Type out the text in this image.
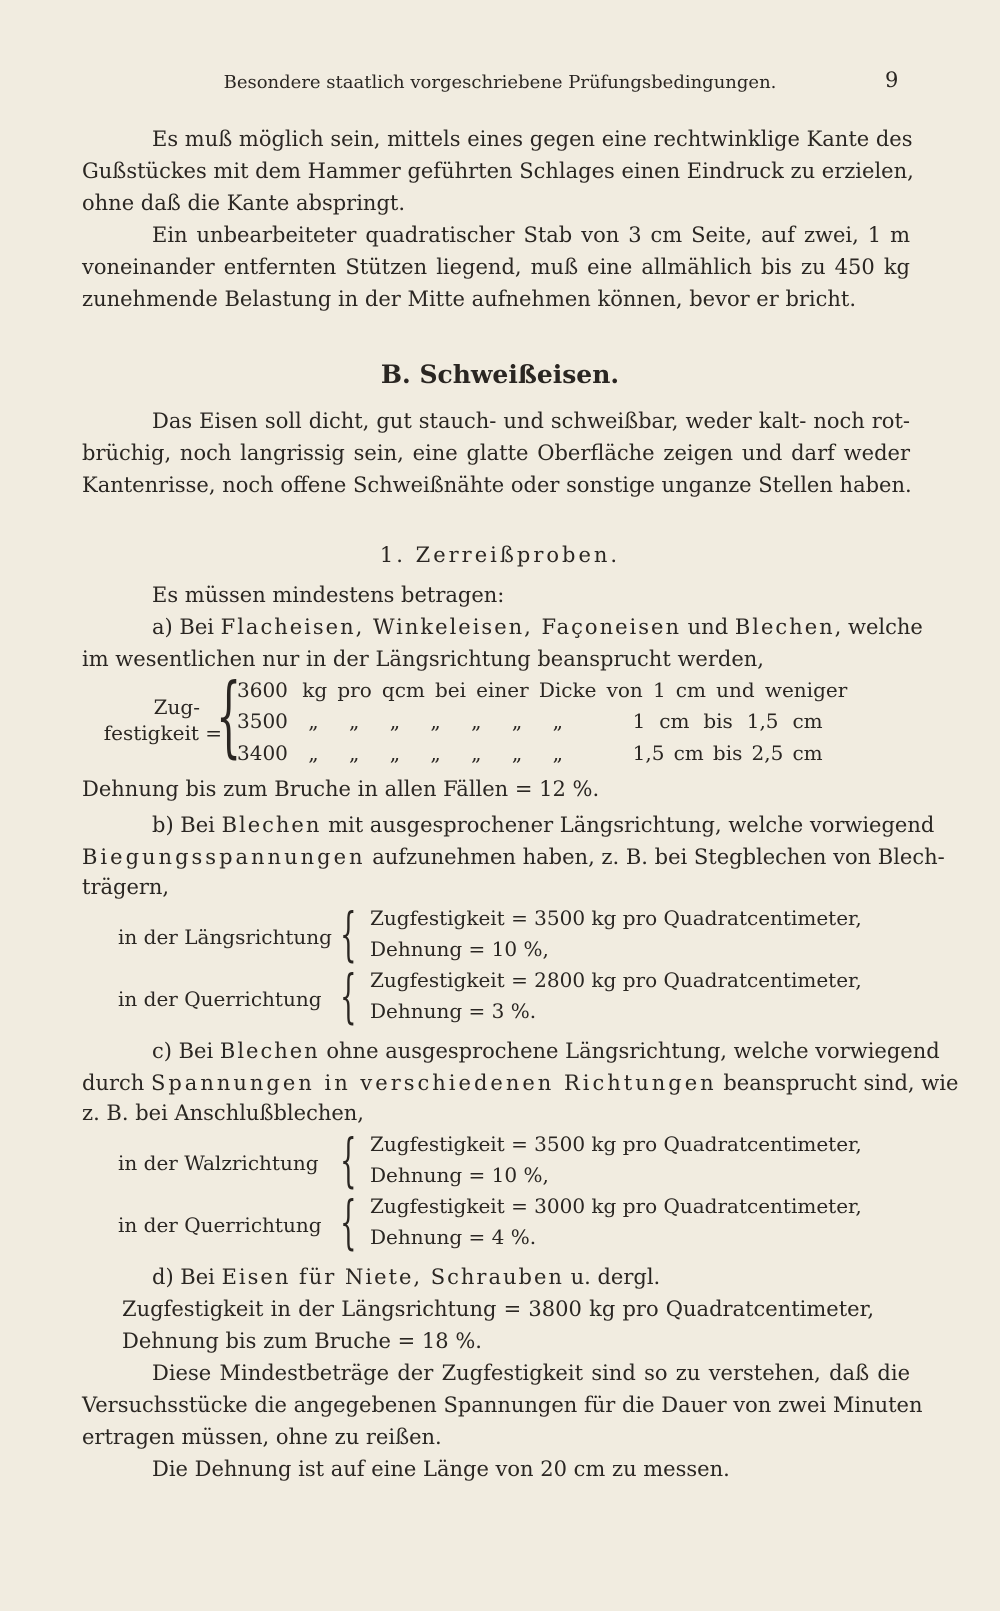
Besondere staatlich vorgeschriebene Prüfungsbedingungen.	9
Es muß möglich sein, mittels eines gegen eine rechtwinklige Kante des
Gußstückes mit dem Hammer geführten Schlages einen Eindruck zu erzielen,
ohne daß die Kante abspringt.
Ein unbearbeiteter quadratischer Stab von 3 cm Seite, auf zwei, 1 m
voneinander entfernten Stützen liegend, muß eine allmählich bis zu 450 kg
zunehmende Belastung in der Mitte aufnehmen können, bevor er bricht.
B. Schweißeisen.
Das Eisen soll dicht, gut stauch- und schweißbar, weder kalt- noch rot-
brüchig, noch langrissig sein, eine glatte Oberfläche zeigen und darf weder
Kantenrisse, noch offene Schweißnähte oder sonstige unganze Stellen haben.
1. Zerreißproben.
Es müssen mindestens betragen:
a) Bei Flacheisen, Winkeleisen, Façoneisen und Blechen, welche
im wesentlichen nur in der Längsrichtung beansprucht werden,
Zug-
festigkeit =
{
3600 kg pro qcm bei einer Dicke von 1 cm und weniger
3500 „ „ „ „ „ „ „	1 cm bis 1,5 cm
3400 „ „ „ „ „ „ „	1,5 cm bis 2,5 cm
Dehnung bis zum Bruche in allen Fällen = 12 %.
b) Bei Blechen mit ausgesprochener Längsrichtung, welche vorwiegend
Biegungsspannungen aufzunehmen haben, z. B. bei Stegblechen von Blech-
trägern,
in der Längsrichtung { Zugfestigkeit = 3500 kg pro Quadratcentimeter,
Dehnung = 10 %,
in der Querrichtung { Zugfestigkeit = 2800 kg pro Quadratcentimeter,
Dehnung = 3 %.
c) Bei Blechen ohne ausgesprochene Längsrichtung, welche vorwiegend
durch Spannungen in verschiedenen Richtungen beansprucht sind, wie
z. B. bei Anschlußblechen,
in der Walzrichtung { Zugfestigkeit = 3500 kg pro Quadratcentimeter,
Dehnung = 10 %,
in der Querrichtung { Zugfestigkeit = 3000 kg pro Quadratcentimeter,
Dehnung = 4 %.
d) Bei Eisen für Niete, Schrauben u. dergl.
Zugfestigkeit in der Längsrichtung = 3800 kg pro Quadratcentimeter,
Dehnung bis zum Bruche = 18 %.
Diese Mindestbeträge der Zugfestigkeit sind so zu verstehen, daß die
Versuchsstücke die angegebenen Spannungen für die Dauer von zwei Minuten
ertragen müssen, ohne zu reißen.
Die Dehnung ist auf eine Länge von 20 cm zu messen.
